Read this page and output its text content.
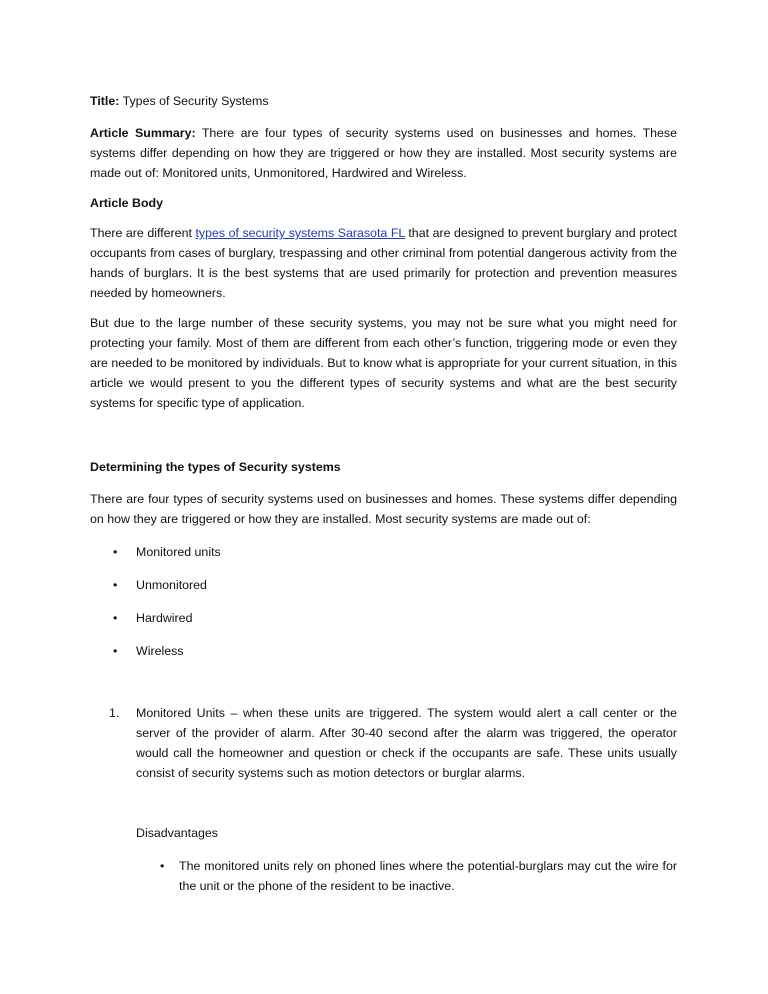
Title: Types of Security Systems

Article Summary: There are four types of security systems used on businesses and homes. These systems differ depending on how they are triggered or how they are installed. Most security systems are made out of: Monitored units, Unmonitored, Hardwired and Wireless.

Article Body

There are different types of security systems Sarasota FL that are designed to prevent burglary and protect occupants from cases of burglary, trespassing and other criminal from potential dangerous activity from the hands of burglars. It is the best systems that are used primarily for protection and prevention measures needed by homeowners.

But due to the large number of these security systems, you may not be sure what you might need for protecting your family. Most of them are different from each other’s function, triggering mode or even they are needed to be monitored by individuals. But to know what is appropriate for your current situation, in this article we would present to you the different types of security systems and what are the best security systems for specific type of application.

Determining the types of Security systems

There are four types of security systems used on businesses and homes. These systems differ depending on how they are triggered or how they are installed. Most security systems are made out of:

• Monitored units
• Unmonitored
• Hardwired
• Wireless

1. Monitored Units – when these units are triggered. The system would alert a call center or the server of the provider of alarm. After 30-40 second after the alarm was triggered, the operator would call the homeowner and question or check if the occupants are safe. These units usually consist of security systems such as motion detectors or burglar alarms.

Disadvantages

• The monitored units rely on phoned lines where the potential-burglars may cut the wire for the unit or the phone of the resident to be inactive.
